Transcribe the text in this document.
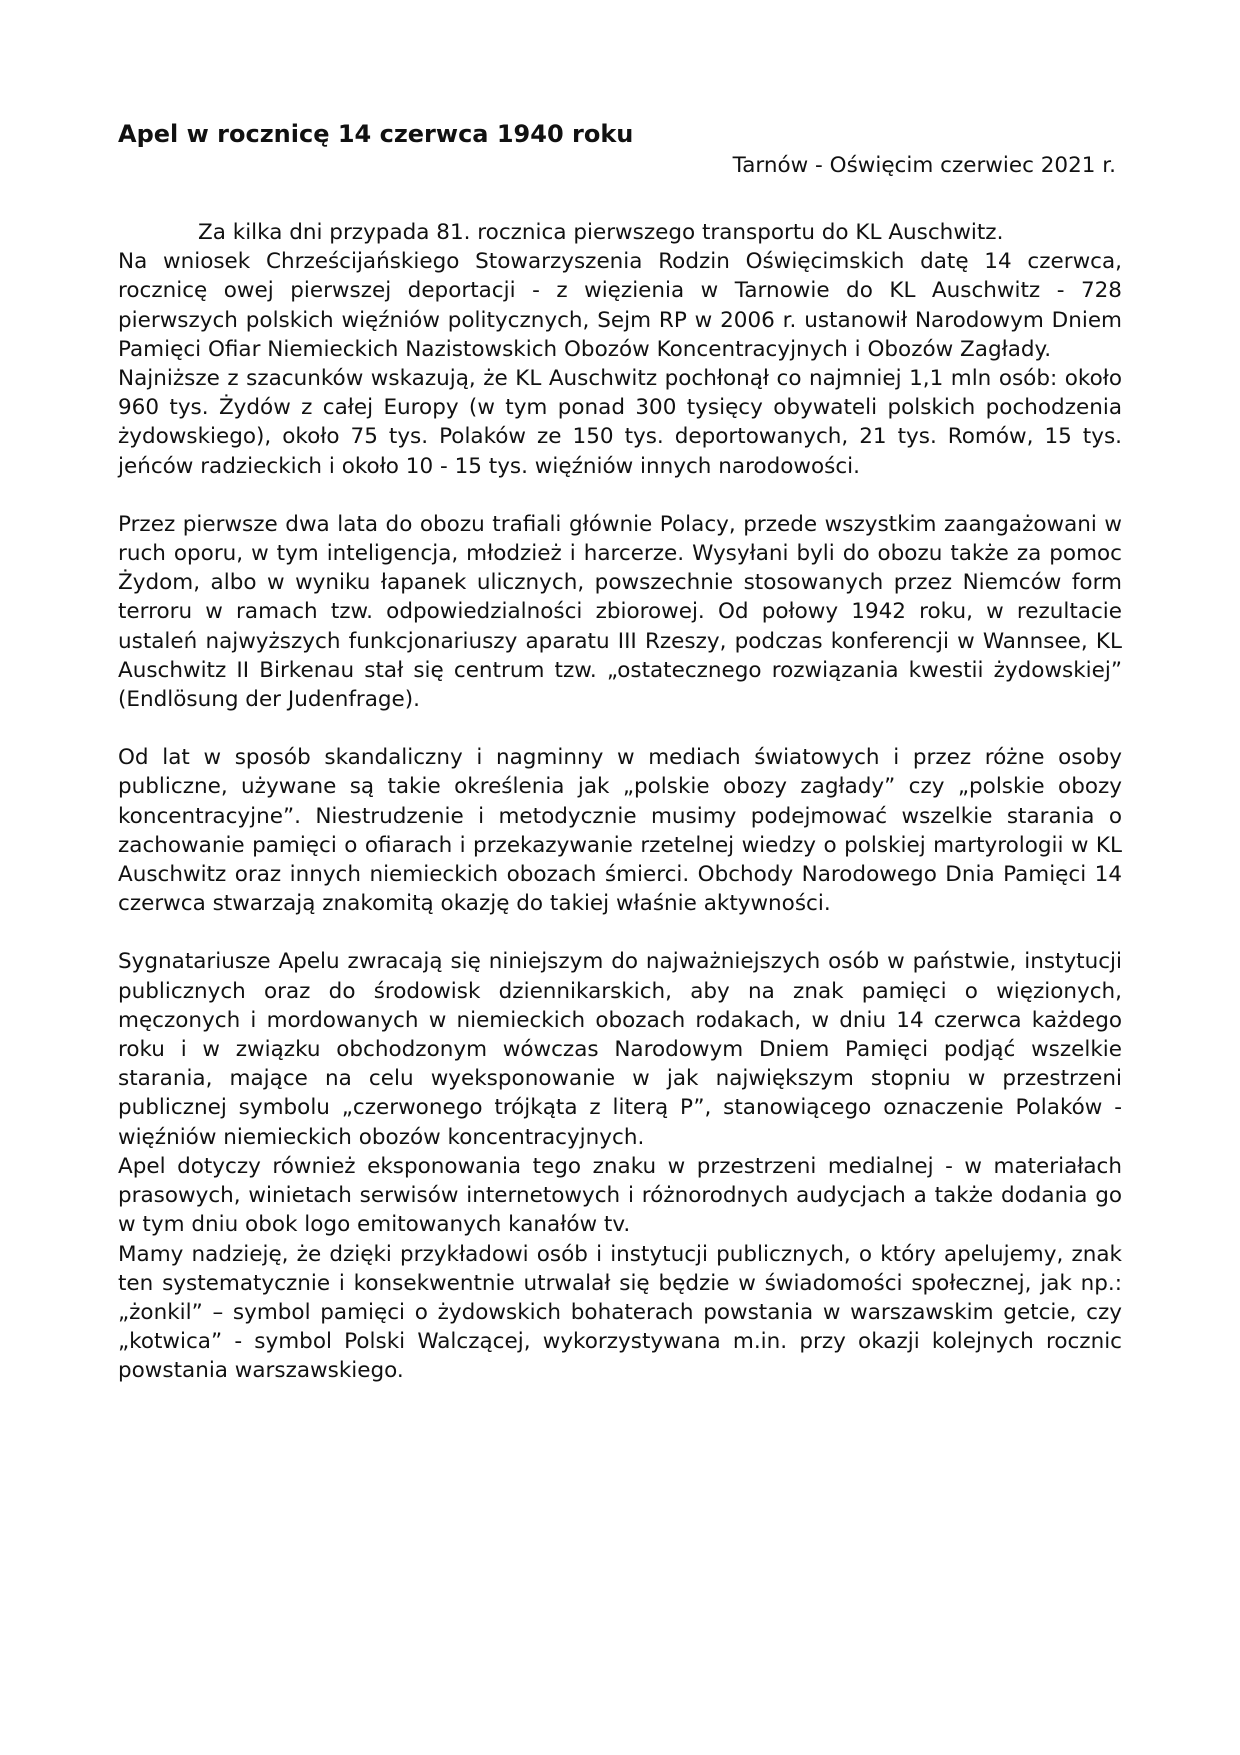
Apel w rocznicę 14 czerwca 1940 roku

Tarnów - Oświęcim czerwiec 2021 r.

Za kilka dni przypada 81. rocznica pierwszego transportu do KL Auschwitz.

Na wniosek Chrześcijańskiego Stowarzyszenia Rodzin Oświęcimskich datę 14 czerwca, rocznicę owej pierwszej deportacji - z więzienia w Tarnowie do KL Auschwitz - 728 pierwszych polskich więźniów politycznych, Sejm RP w 2006 r. ustanowił Narodowym Dniem Pamięci Ofiar Niemieckich Nazistowskich Obozów Koncentracyjnych i Obozów Zagłady.

Najniższe z szacunków wskazują, że KL Auschwitz pochłonął co najmniej 1,1 mln osób: około 960 tys. Żydów z całej Europy (w tym ponad 300 tysięcy obywateli polskich pochodzenia żydowskiego), około 75 tys. Polaków ze 150 tys. deportowanych, 21 tys. Romów, 15 tys. jeńców radzieckich i około 10 - 15 tys. więźniów innych narodowości.

Przez pierwsze dwa lata do obozu trafiali głównie Polacy, przede wszystkim zaangażowani w ruch oporu, w tym inteligencja, młodzież i harcerze. Wysyłani byli do obozu także za pomoc Żydom, albo w wyniku łapanek ulicznych, powszechnie stosowanych przez Niemców form terroru w ramach tzw. odpowiedzialności zbiorowej. Od połowy 1942 roku, w rezultacie ustaleń najwyższych funkcjonariuszy aparatu III Rzeszy, podczas konferencji w Wannsee, KL Auschwitz II Birkenau stał się centrum tzw. „ostatecznego rozwiązania kwestii żydowskiej” (Endlösung der Judenfrage).

Od lat w sposób skandaliczny i nagminny w mediach światowych i przez różne osoby publiczne, używane są takie określenia jak „polskie obozy zagłady” czy „polskie obozy koncentracyjne”. Niestrudzenie i metodycznie musimy podejmować wszelkie starania o zachowanie pamięci o ofiarach i przekazywanie rzetelnej wiedzy o polskiej martyrologii w KL Auschwitz oraz innych niemieckich obozach śmierci. Obchody Narodowego Dnia Pamięci 14 czerwca stwarzają znakomitą okazję do takiej właśnie aktywności.

Sygnatariusze Apelu zwracają się niniejszym do najważniejszych osób w państwie, instytucji publicznych oraz do środowisk dziennikarskich, aby na znak pamięci o więzionych, męczonych i mordowanych w niemieckich obozach rodakach, w dniu 14 czerwca każdego roku i w związku obchodzonym wówczas Narodowym Dniem Pamięci podjąć wszelkie starania, mające na celu wyeksponowanie w jak największym stopniu w przestrzeni publicznej symbolu „czerwonego trójkąta z literą P”, stanowiącego oznaczenie Polaków - więźniów niemieckich obozów koncentracyjnych.

Apel dotyczy również eksponowania tego znaku w przestrzeni medialnej - w materiałach prasowych, winietach serwisów internetowych i różnorodnych audycjach a także dodania go w tym dniu obok logo emitowanych kanałów tv.

Mamy nadzieję, że dzięki przykładowi osób i instytucji publicznych, o który apelujemy, znak ten systematycznie i konsekwentnie utrwalał się będzie w świadomości społecznej, jak np.: „żonkil” – symbol pamięci o żydowskich bohaterach powstania w warszawskim getcie, czy „kotwica” - symbol Polski Walczącej, wykorzystywana m.in. przy okazji kolejnych rocznic powstania warszawskiego.
